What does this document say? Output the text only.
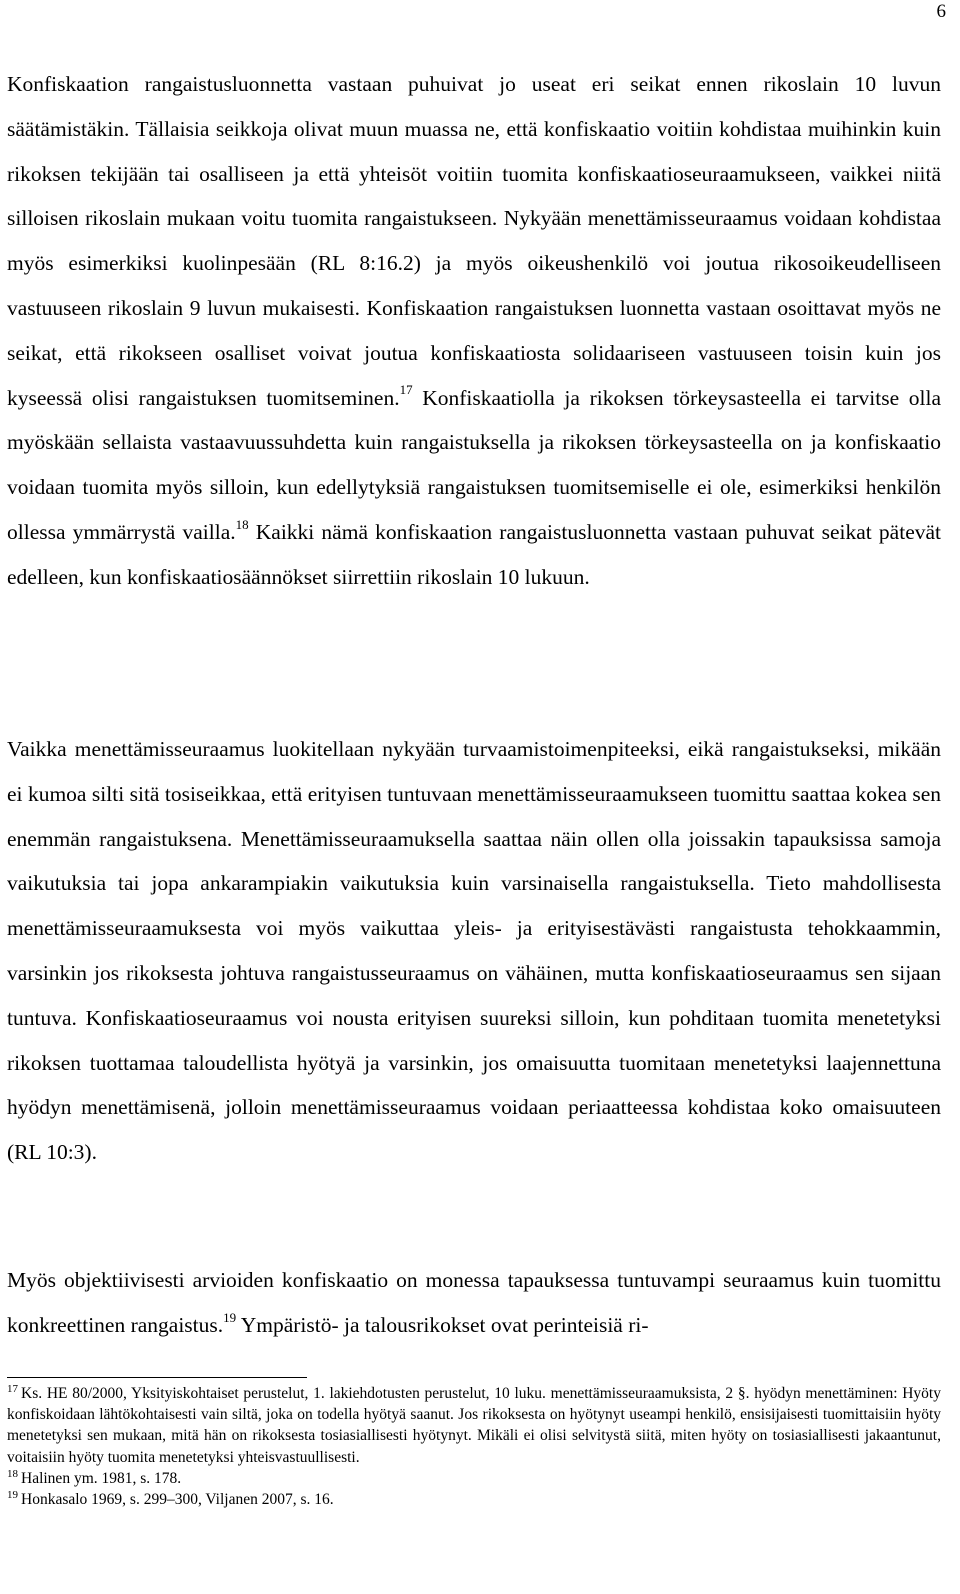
6

Konfiskaation rangaistusluonnetta vastaan puhuivat jo useat eri seikat ennen rikoslain 10 luvun säätämistäkin. Tällaisia seikkoja olivat muun muassa ne, että konfiskaatio voitiin kohdistaa muihinkin kuin rikoksen tekijään tai osalliseen ja että yhteisöt voitiin tuomita konfiskaatioseuraamukseen, vaikkei niitä silloisen rikoslain mukaan voitu tuomita rangaistukseen. Nykyään menettämisseuraamus voidaan kohdistaa myös esimerkiksi kuolinpesään (RL 8:16.2) ja myös oikeushenkilö voi joutua rikosoikeudelliseen vastuuseen rikoslain 9 luvun mukaisesti. Konfiskaation rangaistuksen luonnetta vastaan osoittavat myös ne seikat, että rikokseen osalliset voivat joutua konfiskaatiosta solidaariseen vastuuseen toisin kuin jos kyseessä olisi rangaistuksen tuomitseminen.$^{17}$ Konfiskaatiolla ja rikoksen törkeysasteella ei tarvitse olla myöskään sellaista vastaavuussuhdetta kuin rangaistuksella ja rikoksen törkeysasteella on ja konfiskaatio voidaan tuomita myös silloin, kun edellytyksiä rangaistuksen tuomitsemiselle ei ole, esimerkiksi henkilön ollessa ymmärrystä vailla.$^{18}$ Kaikki nämä konfiskaation rangaistusluonnetta vastaan puhuvat seikat pätevät edelleen, kun konfiskaatiosäännökset siirrettiin rikoslain 10 lukuun.

Vaikka menettämisseuraamus luokitellaan nykyään turvaamistoimenpiteeksi, eikä rangaistukseksi, mikään ei kumoa silti sitä tosiseikkaa, että erityisen tuntuvaan menettämisseuraamukseen tuomittu saattaa kokea sen enemmän rangaistuksena. Menettämisseuraamuksella saattaa näin ollen olla joissakin tapauksissa samoja vaikutuksia tai jopa ankarampiakin vaikutuksia kuin varsinaisella rangaistuksella. Tieto mahdollisesta menettämisseuraamuksesta voi myös vaikuttaa yleis- ja erityisestävästi rangaistusta tehokkaammin, varsinkin jos rikoksesta johtuva rangaistusseuraamus on vähäinen, mutta konfiskaatioseuraamus sen sijaan tuntuva. Konfiskaatioseuraamus voi nousta erityisen suureksi silloin, kun pohditaan tuomita menetetyksi rikoksen tuottamaa taloudellista hyötyä ja varsinkin, jos omaisuutta tuomitaan menetetyksi laajennettuna hyödyn menettämisenä, jolloin menettämisseuraamus voidaan periaatteessa kohdistaa koko omaisuuteen (RL 10:3).

Myös objektiivisesti arvioiden konfiskaatio on monessa tapauksessa tuntuvampi seuraamus kuin tuomittu konkreettinen rangaistus.$^{19}$ Ympäristö- ja talousrikokset ovat perinteisiä ri-

$^{17}$ Ks. HE 80/2000, Yksityiskohtaiset perustelut, 1. lakiehdotusten perustelut, 10 luku. menettämisseuraamuksista, 2 §. hyödyn menettäminen: Hyöty konfiskoidaan lähtökohtaisesti vain siltä, joka on todella hyötyä saanut. Jos rikoksesta on hyötynyt useampi henkilö, ensisijaisesti tuomittaisiin hyöty menetetyksi sen mukaan, mitä hän on rikoksesta tosiasiallisesti hyötynyt. Mikäli ei olisi selvitystä siitä, miten hyöty on tosiasiallisesti jakaantunut, voitaisiin hyöty tuomita menetetyksi yhteisvastuullisesti.

$^{18}$ Halinen ym. 1981, s. 178.

$^{19}$ Honkasalo 1969, s. 299–300, Viljanen 2007, s. 16.
